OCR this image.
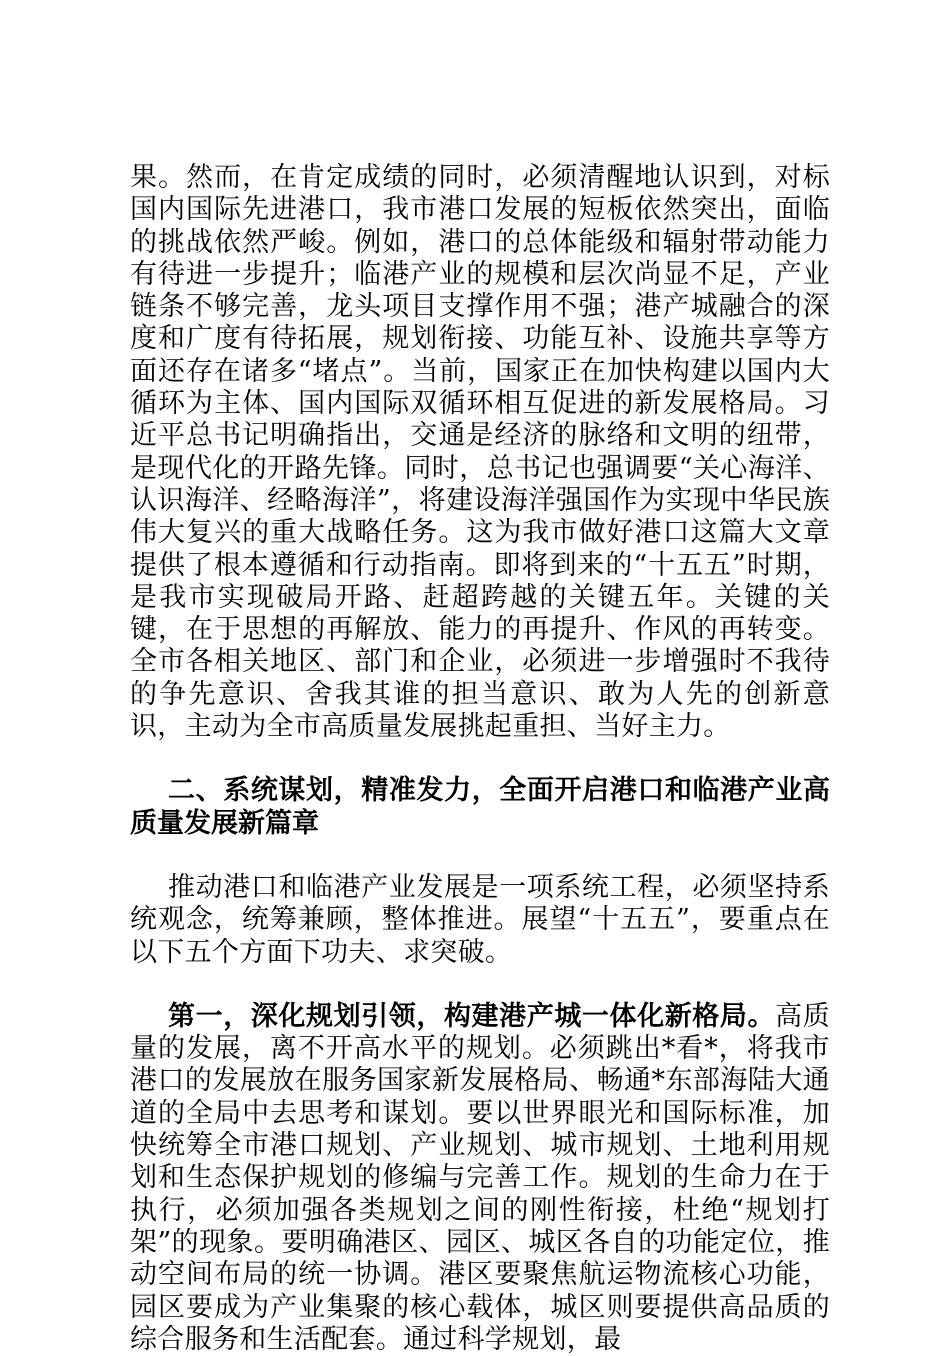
果。然而，在肯定成绩的同时，必须清醒地认识到，对标国内国际先进港口，我市港口发展的短板依然突出，面临的挑战依然严峻。例如，港口的总体能级和辐射带动能力有待进一步提升；临港产业的规模和层次尚显不足，产业链条不够完善，龙头项目支撑作用不强；港产城融合的深度和广度有待拓展，规划衔接、功能互补、设施共享等方面还存在诸多“堵点”。当前，国家正在加快构建以国内大循环为主体、国内国际双循环相互促进的新发展格局。习近平总书记明确指出，交通是经济的脉络和文明的纽带，是现代化的开路先锋。同时，总书记也强调要“关心海洋、认识海洋、经略海洋”，将建设海洋强国作为实现中华民族伟大复兴的重大战略任务。这为我市做好港口这篇大文章提供了根本遵循和行动指南。即将到来的“十五五”时期，是我市实现破局开路、赶超跨越的关键五年。关键的关键，在于思想的再解放、能力的再提升、作风的再转变。全市各相关地区、部门和企业，必须进一步增强时不我待的争先意识、舍我其谁的担当意识、敢为人先的创新意识，主动为全市高质量发展挑起重担、当好主力。

二、系统谋划，精准发力，全面开启港口和临港产业高质量发展新篇章

推动港口和临港产业发展是一项系统工程，必须坚持系统观念，统筹兼顾，整体推进。展望“十五五”，要重点在以下五个方面下功夫、求突破。

第一，深化规划引领，构建港产城一体化新格局。高质量的发展，离不开高水平的规划。必须跳出*看*，将我市港口的发展放在服务国家新发展格局、畅通*东部海陆大通道的全局中去思考和谋划。要以世界眼光和国际标准，加快统筹全市港口规划、产业规划、城市规划、土地利用规划和生态保护规划的修编与完善工作。规划的生命力在于执行，必须加强各类规划之间的刚性衔接，杜绝“规划打架”的现象。要明确港区、园区、城区各自的功能定位，推动空间布局的统一协调。港区要聚焦航运物流核心功能，园区要成为产业集聚的核心载体，城区则要提供高品质的综合服务和生活配套。通过科学规划，最
